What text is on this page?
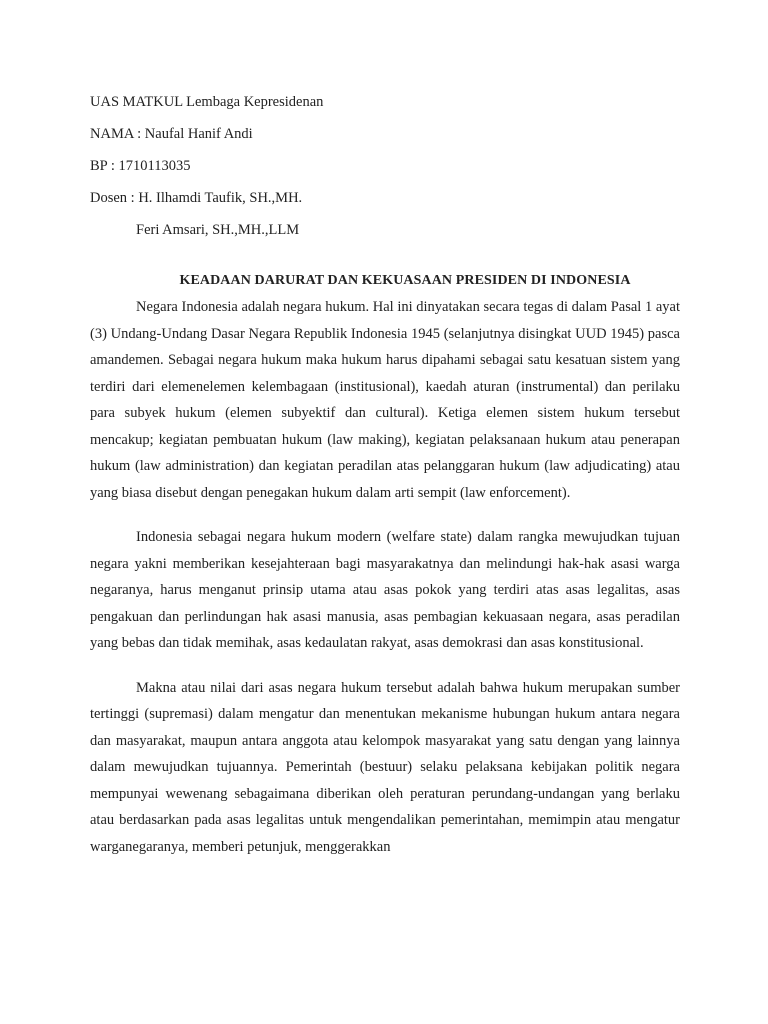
UAS MATKUL Lembaga Kepresidenan
NAMA : Naufal Hanif Andi
BP : 1710113035
Dosen : H. Ilhamdi Taufik, SH.,MH.
Feri Amsari, SH.,MH.,LLM
KEADAAN DARURAT DAN KEKUASAAN PRESIDEN DI INDONESIA

Negara Indonesia adalah negara hukum. Hal ini dinyatakan secara tegas di dalam Pasal 1 ayat (3) Undang-Undang Dasar Negara Republik Indonesia 1945 (selanjutnya disingkat UUD 1945) pasca amandemen. Sebagai negara hukum maka hukum harus dipahami sebagai satu kesatuan sistem yang terdiri dari elemenelemen kelembagaan (institusional), kaedah aturan (instrumental) dan perilaku para subyek hukum (elemen subyektif dan cultural). Ketiga elemen sistem hukum tersebut mencakup; kegiatan pembuatan hukum (law making), kegiatan pelaksanaan hukum atau penerapan hukum (law administration) dan kegiatan peradilan atas pelanggaran hukum (law adjudicating) atau yang biasa disebut dengan penegakan hukum dalam arti sempit (law enforcement).

Indonesia sebagai negara hukum modern (welfare state) dalam rangka mewujudkan tujuan negara yakni memberikan kesejahteraan bagi masyarakatnya dan melindungi hak-hak asasi warga negaranya, harus menganut prinsip utama atau asas pokok yang terdiri atas asas legalitas, asas pengakuan dan perlindungan hak asasi manusia, asas pembagian kekuasaan negara, asas peradilan yang bebas dan tidak memihak, asas kedaulatan rakyat, asas demokrasi dan asas konstitusional.

Makna atau nilai dari asas negara hukum tersebut adalah bahwa hukum merupakan sumber tertinggi (supremasi) dalam mengatur dan menentukan mekanisme hubungan hukum antara negara dan masyarakat, maupun antara anggota atau kelompok masyarakat yang satu dengan yang lainnya dalam mewujudkan tujuannya. Pemerintah (bestuur) selaku pelaksana kebijakan politik negara mempunyai wewenang sebagaimana diberikan oleh peraturan perundang-undangan yang berlaku atau berdasarkan pada asas legalitas untuk mengendalikan pemerintahan, memimpin atau mengatur warganegaranya, memberi petunjuk, menggerakkan
